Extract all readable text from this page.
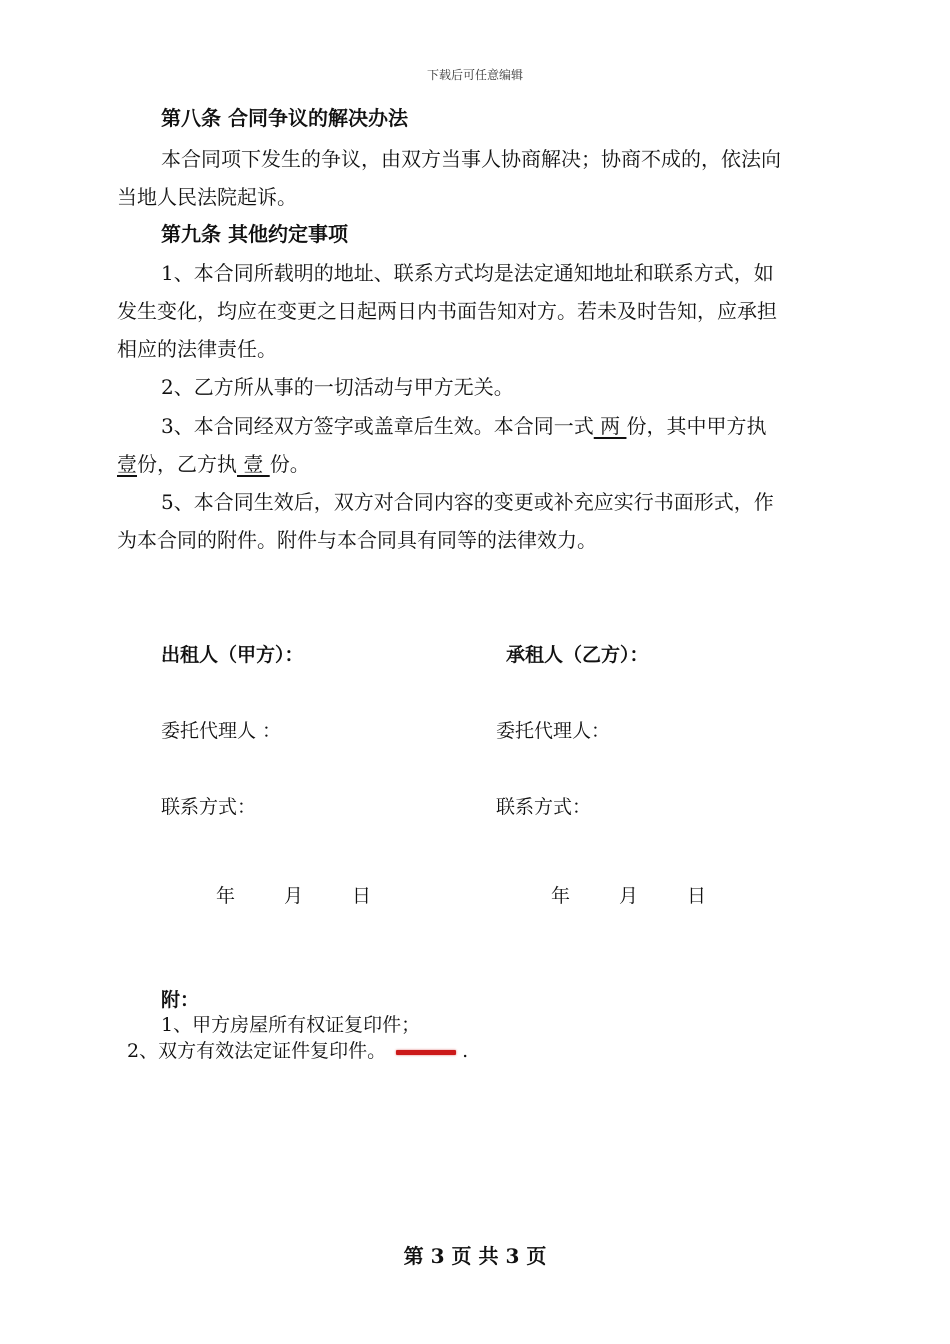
下载后可任意编辑
第八条 合同争议的解决办法
本合同项下发生的争议，由双方当事人协商解决；协商不成的，依法向
当地人民法院起诉。
第九条 其他约定事项
1、本合同所载明的地址、联系方式均是法定通知地址和联系方式，如
发生变化，均应在变更之日起两日内书面告知对方。若未及时告知，应承担
相应的法律责任。
2、乙方所从事的一切活动与甲方无关。
3、本合同经双方签字或盖章后生效。本合同一式 两 份，其中甲方执
壹份，乙方执 壹 份。
5、本合同生效后，双方对合同内容的变更或补充应实行书面形式，作
为本合同的附件。附件与本合同具有同等的法律效力。
出租人（甲方）：	承租人（乙方）：
委托代理人 ：	委托代理人：
联系方式：	联系方式：
年	月	日	年	月	日
附：
1、甲方房屋所有权证复印件；
2、双方有效法定证件复印件。	.
第 3 页 共 3 页
